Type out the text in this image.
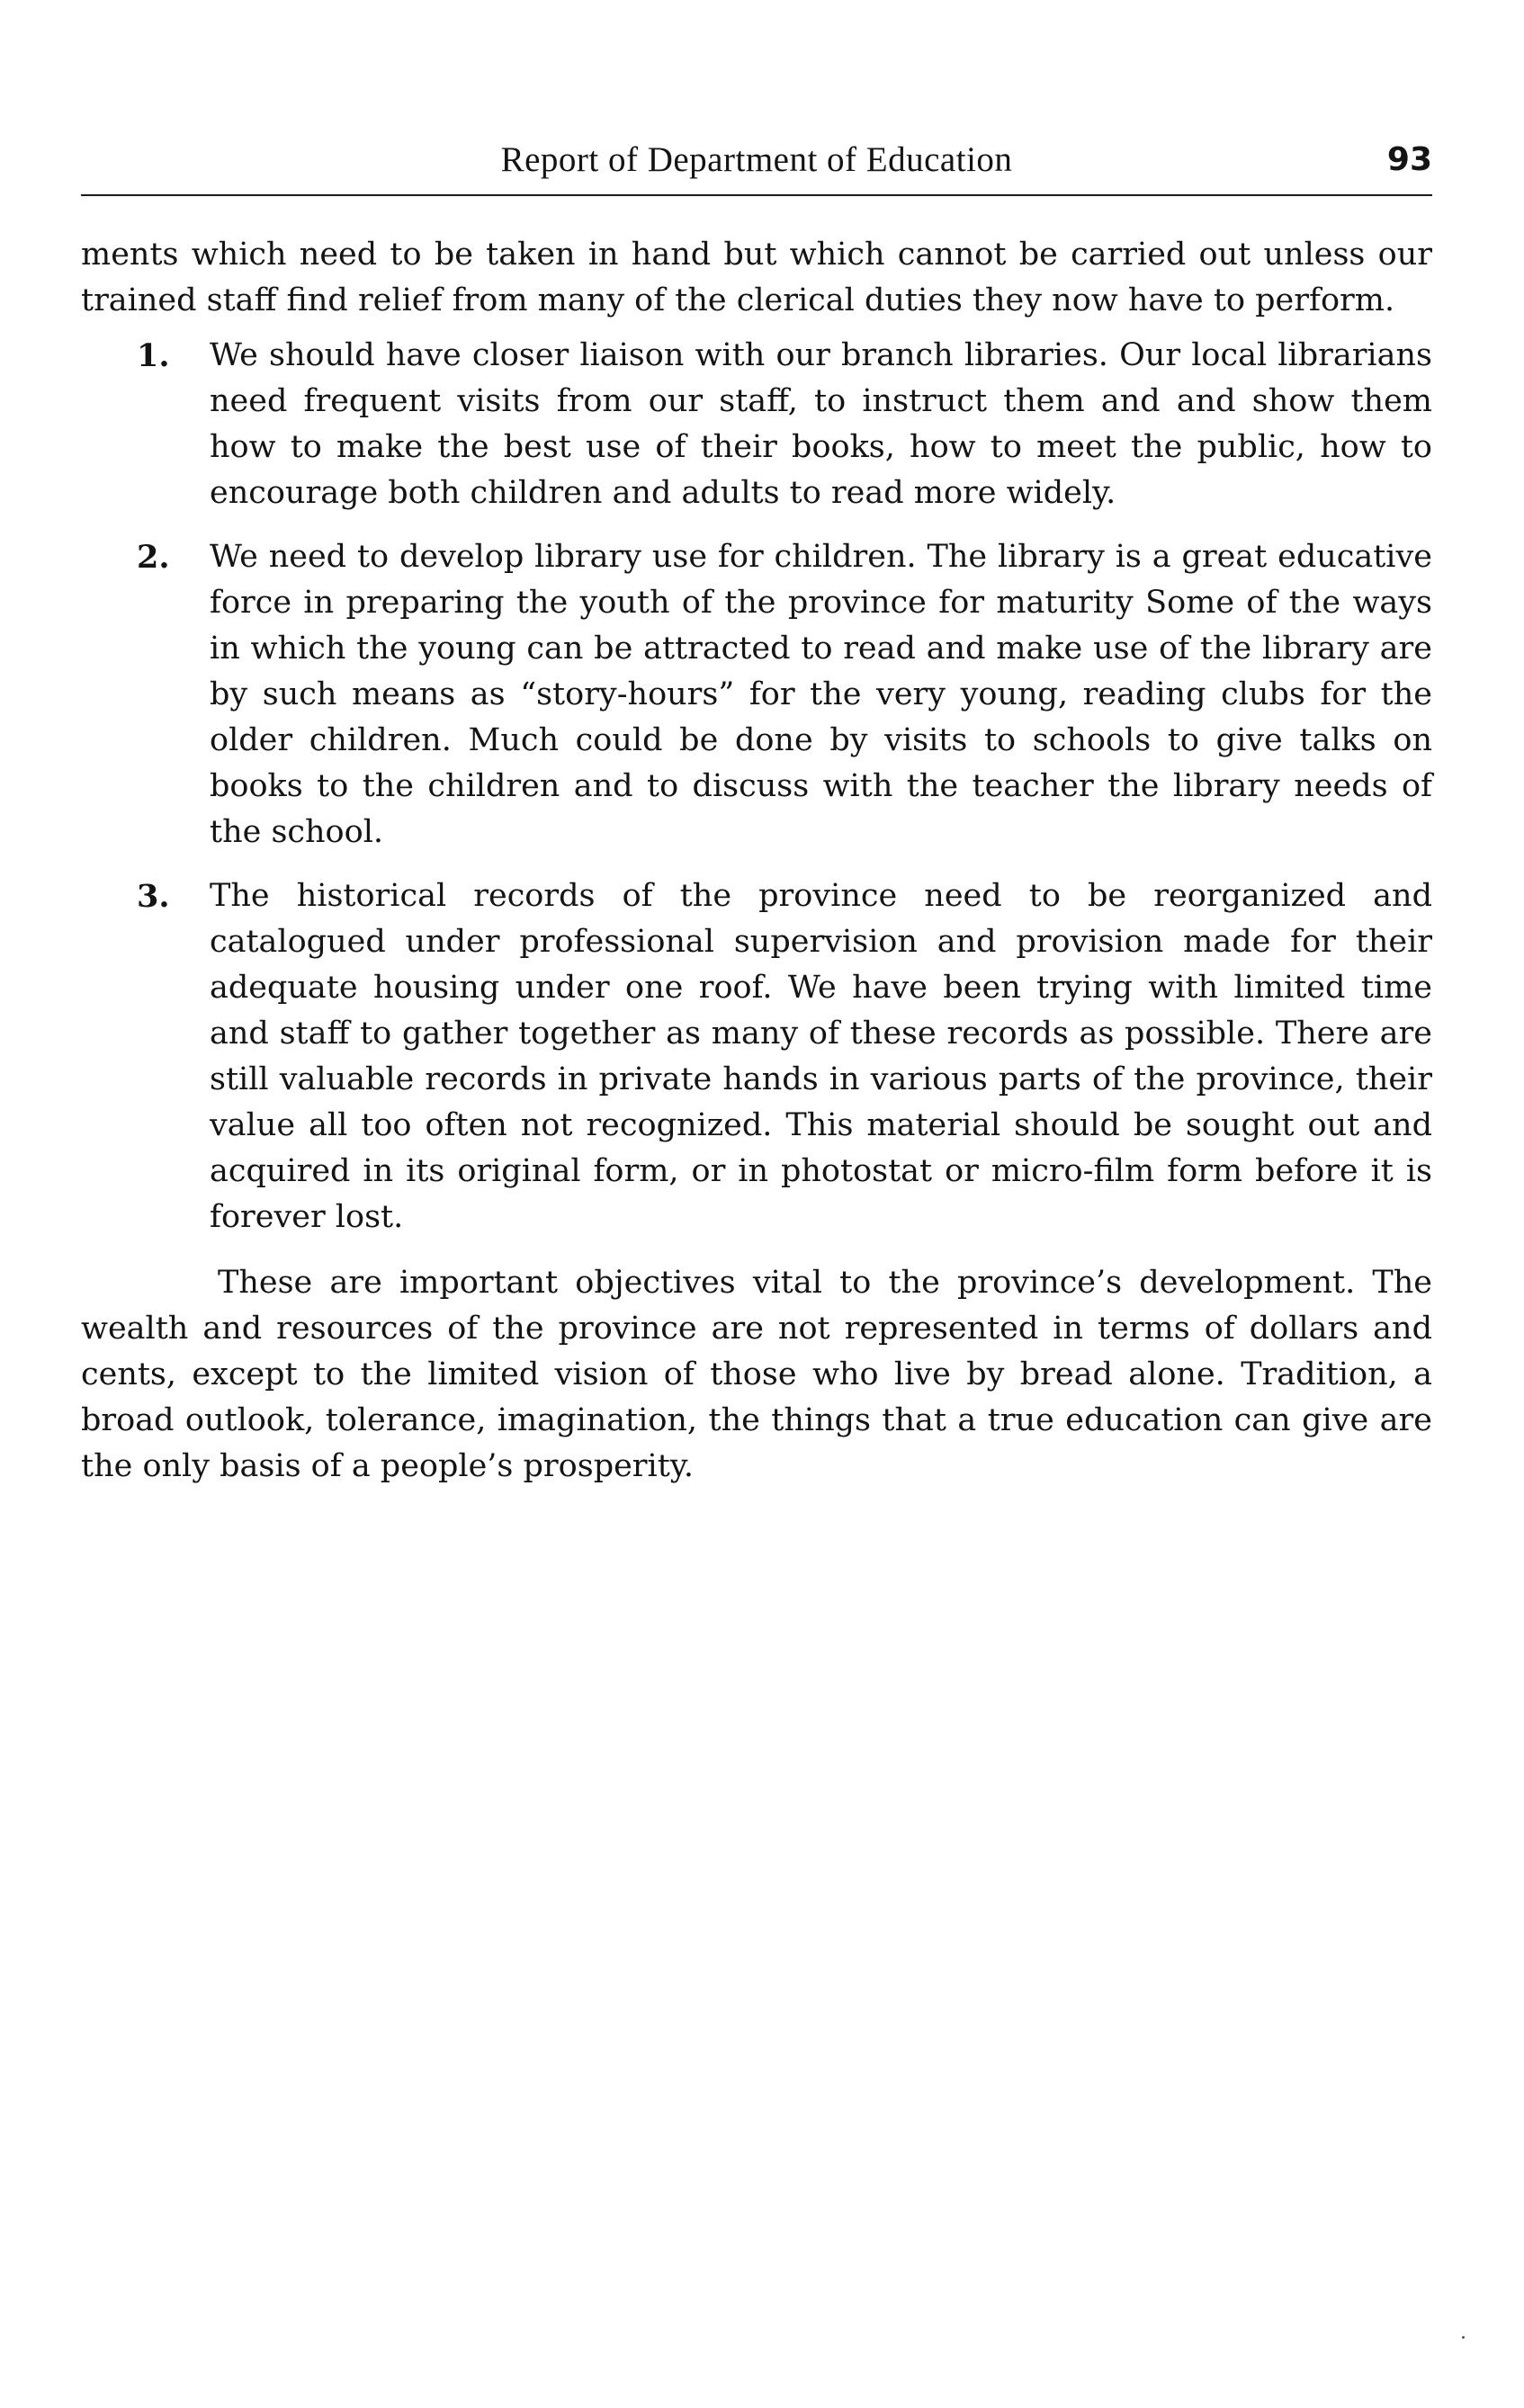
Report of Department of Education	93

ments which need to be taken in hand but which cannot be carried out unless our trained staff find relief from many of the clerical duties they now have to perform.

1. We should have closer liaison with our branch libraries. Our local librarians need frequent visits from our staff, to instruct them and and show them how to make the best use of their books, how to meet the public, how to encourage both children and adults to read more widely.
2. We need to develop library use for children. The library is a great educative force in preparing the youth of the province for maturity Some of the ways in which the young can be attracted to read and make use of the library are by such means as “story-hours” for the very young, reading clubs for the older children. Much could be done by visits to schools to give talks on books to the children and to discuss with the teacher the library needs of the school.
3. The historical records of the province need to be reorganized and catalogued under professional supervision and provision made for their adequate housing under one roof. We have been trying with limited time and staff to gather together as many of these records as possible. There are still valuable records in private hands in various parts of the province, their value all too often not recognized. This material should be sought out and acquired in its original form, or in photostat or micro-film form before it is forever lost.

These are important objectives vital to the province’s development. The wealth and resources of the province are not represented in terms of dollars and cents, except to the limited vision of those who live by bread alone. Tradition, a broad outlook, tolerance, imagination, the things that a true education can give are the only basis of a people’s prosperity.
